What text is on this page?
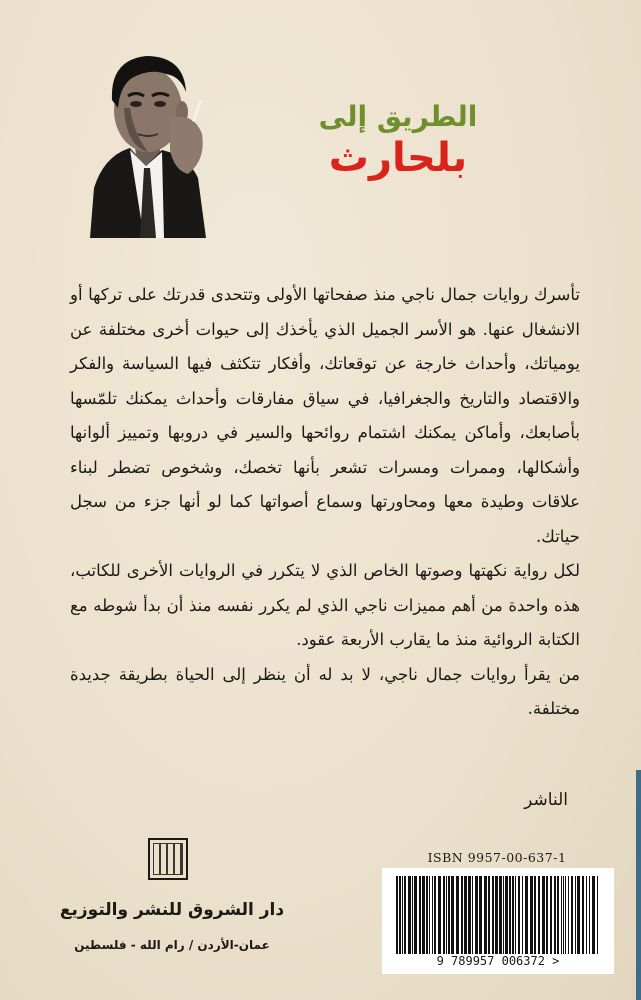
الطريق إلى
بلحارث

تأسرك روايات جمال ناجي منذ صفحاتها الأولى وتتحدى قدرتك على تركها أو الانشغال عنها. هو الأسر الجميل الذي يأخذك إلى حيوات أخرى مختلفة عن يومياتك، وأحداث خارجة عن توقعاتك، وأفكار تتكثف فيها السياسة والفكر والاقتصاد والتاريخ والجغرافيا، في سياق مفارقات وأحداث يمكنك تلمّسها بأصابعك، وأماكن يمكنك اشتمام روائحها والسير في دروبها وتمييز ألوانها وأشكالها، وممرات ومسرات تشعر بأنها تخصك، وشخوص تضطر لبناء علاقات وطيدة معها ومحاورتها وسماع أصواتها كما لو أنها جزء من سجل حياتك.

لكل رواية نكهتها وصوتها الخاص الذي لا يتكرر في الروايات الأخرى للكاتب، هذه واحدة من أهم مميزات ناجي الذي لم يكرر نفسه منذ أن بدأ شوطه مع الكتابة الروائية منذ ما يقارب الأربعة عقود.

من يقرأ روايات جمال ناجي، لا بد له أن ينظر إلى الحياة بطريقة جديدة مختلفة.

الناشر
دار الشروق للنشر والتوزيع
عمان-الأردن / رام الله - فلسطين
ISBN 9957-00-637-1
9 789957 006372 >
